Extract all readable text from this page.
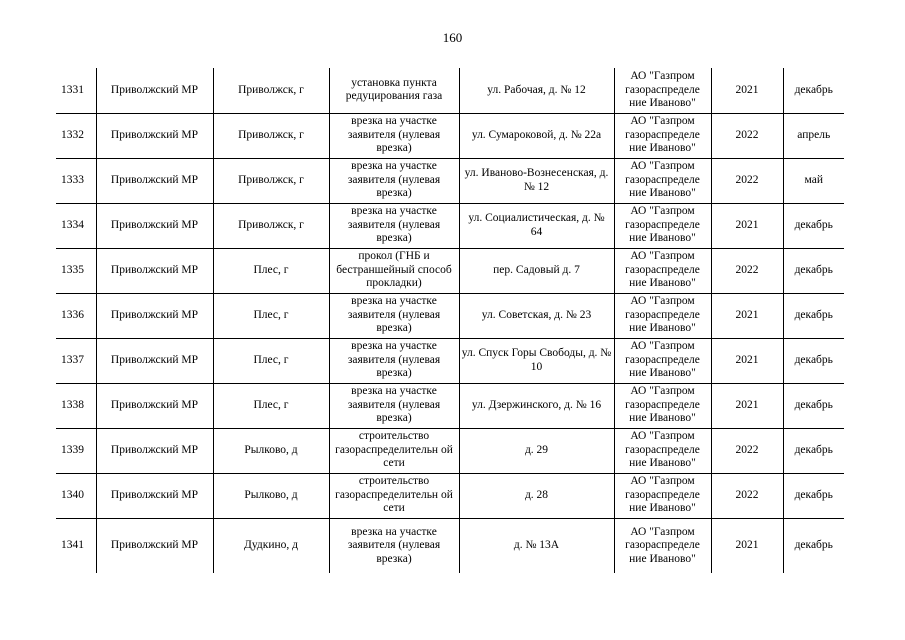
160
1331	Приволжский МР	Приволжск, г	установка пункта редуцирования газа	ул. Рабочая, д. № 12	АО "Газпром газораспределе ние Иваново"	2021	декабрь
1332	Приволжский МР	Приволжск, г	врезка на участке заявителя (нулевая врезка)	ул. Сумароковой, д. № 22а	АО "Газпром газораспределе ние Иваново"	2022	апрель
1333	Приволжский МР	Приволжск, г	врезка на участке заявителя (нулевая врезка)	ул. Иваново-Вознесенская, д. № 12	АО "Газпром газораспределе ние Иваново"	2022	май
1334	Приволжский МР	Приволжск, г	врезка на участке заявителя (нулевая врезка)	ул. Социалистическая, д. № 64	АО "Газпром газораспределе ние Иваново"	2021	декабрь
1335	Приволжский МР	Плес, г	прокол (ГНБ и бестраншейный способ прокладки)	пер. Садовый д. 7	АО "Газпром газораспределе ние Иваново"	2022	декабрь
1336	Приволжский МР	Плес, г	врезка на участке заявителя (нулевая врезка)	ул. Советская, д. № 23	АО "Газпром газораспределе ние Иваново"	2021	декабрь
1337	Приволжский МР	Плес, г	врезка на участке заявителя (нулевая врезка)	ул. Спуск Горы Свободы, д. № 10	АО "Газпром газораспределе ние Иваново"	2021	декабрь
1338	Приволжский МР	Плес, г	врезка на участке заявителя (нулевая врезка)	ул. Дзержинского, д. № 16	АО "Газпром газораспределе ние Иваново"	2021	декабрь
1339	Приволжский МР	Рылково, д	строительство газораспределительн ой сети	д. 29	АО "Газпром газораспределе ние Иваново"	2022	декабрь
1340	Приволжский МР	Рылково, д	строительство газораспределительн ой сети	д. 28	АО "Газпром газораспределе ние Иваново"	2022	декабрь
1341	Приволжский МР	Дудкино, д	врезка на участке заявителя (нулевая врезка)	д. № 13А	АО "Газпром газораспределе ние Иваново"	2021	декабрь
